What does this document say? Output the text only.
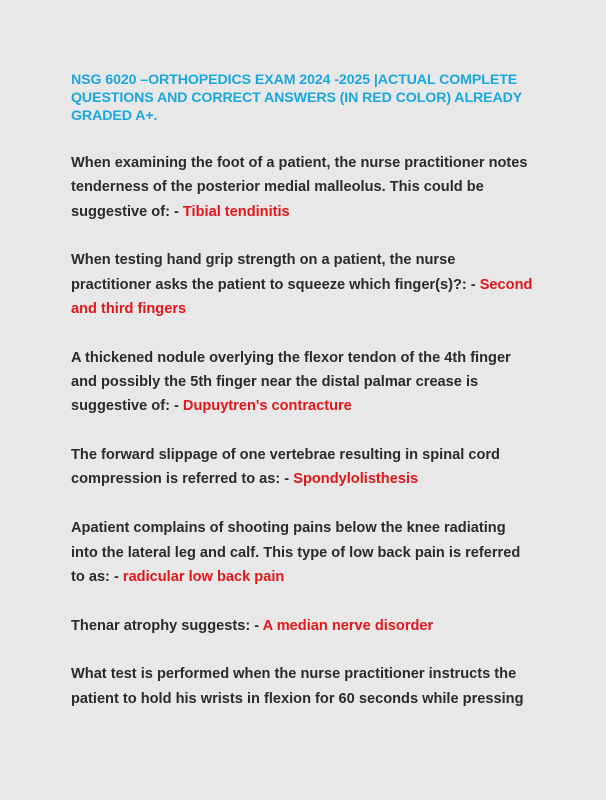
NSG 6020 –ORTHOPEDICS EXAM 2024 -2025 |ACTUAL COMPLETE QUESTIONS AND CORRECT ANSWERS (IN RED COLOR) ALREADY GRADED A+.
When examining the foot of a patient, the nurse practitioner notes tenderness of the posterior medial malleolus. This could be suggestive of: - Tibial tendinitis
When testing hand grip strength on a patient, the nurse practitioner asks the patient to squeeze which finger(s)?: - Second and third fingers
A thickened nodule overlying the flexor tendon of the 4th finger and possibly the 5th finger near the distal palmar crease is suggestive of: - Dupuytren's contracture
The forward slippage of one vertebrae resulting in spinal cord compression is referred to as: - Spondylolisthesis
Apatient complains of shooting pains below the knee radiating into the lateral leg and calf. This type of low back pain is referred to as: - radicular low back pain
Thenar atrophy suggests: - A median nerve disorder
What test is performed when the nurse practitioner instructs the patient to hold his wrists in flexion for 60 seconds while pressing
